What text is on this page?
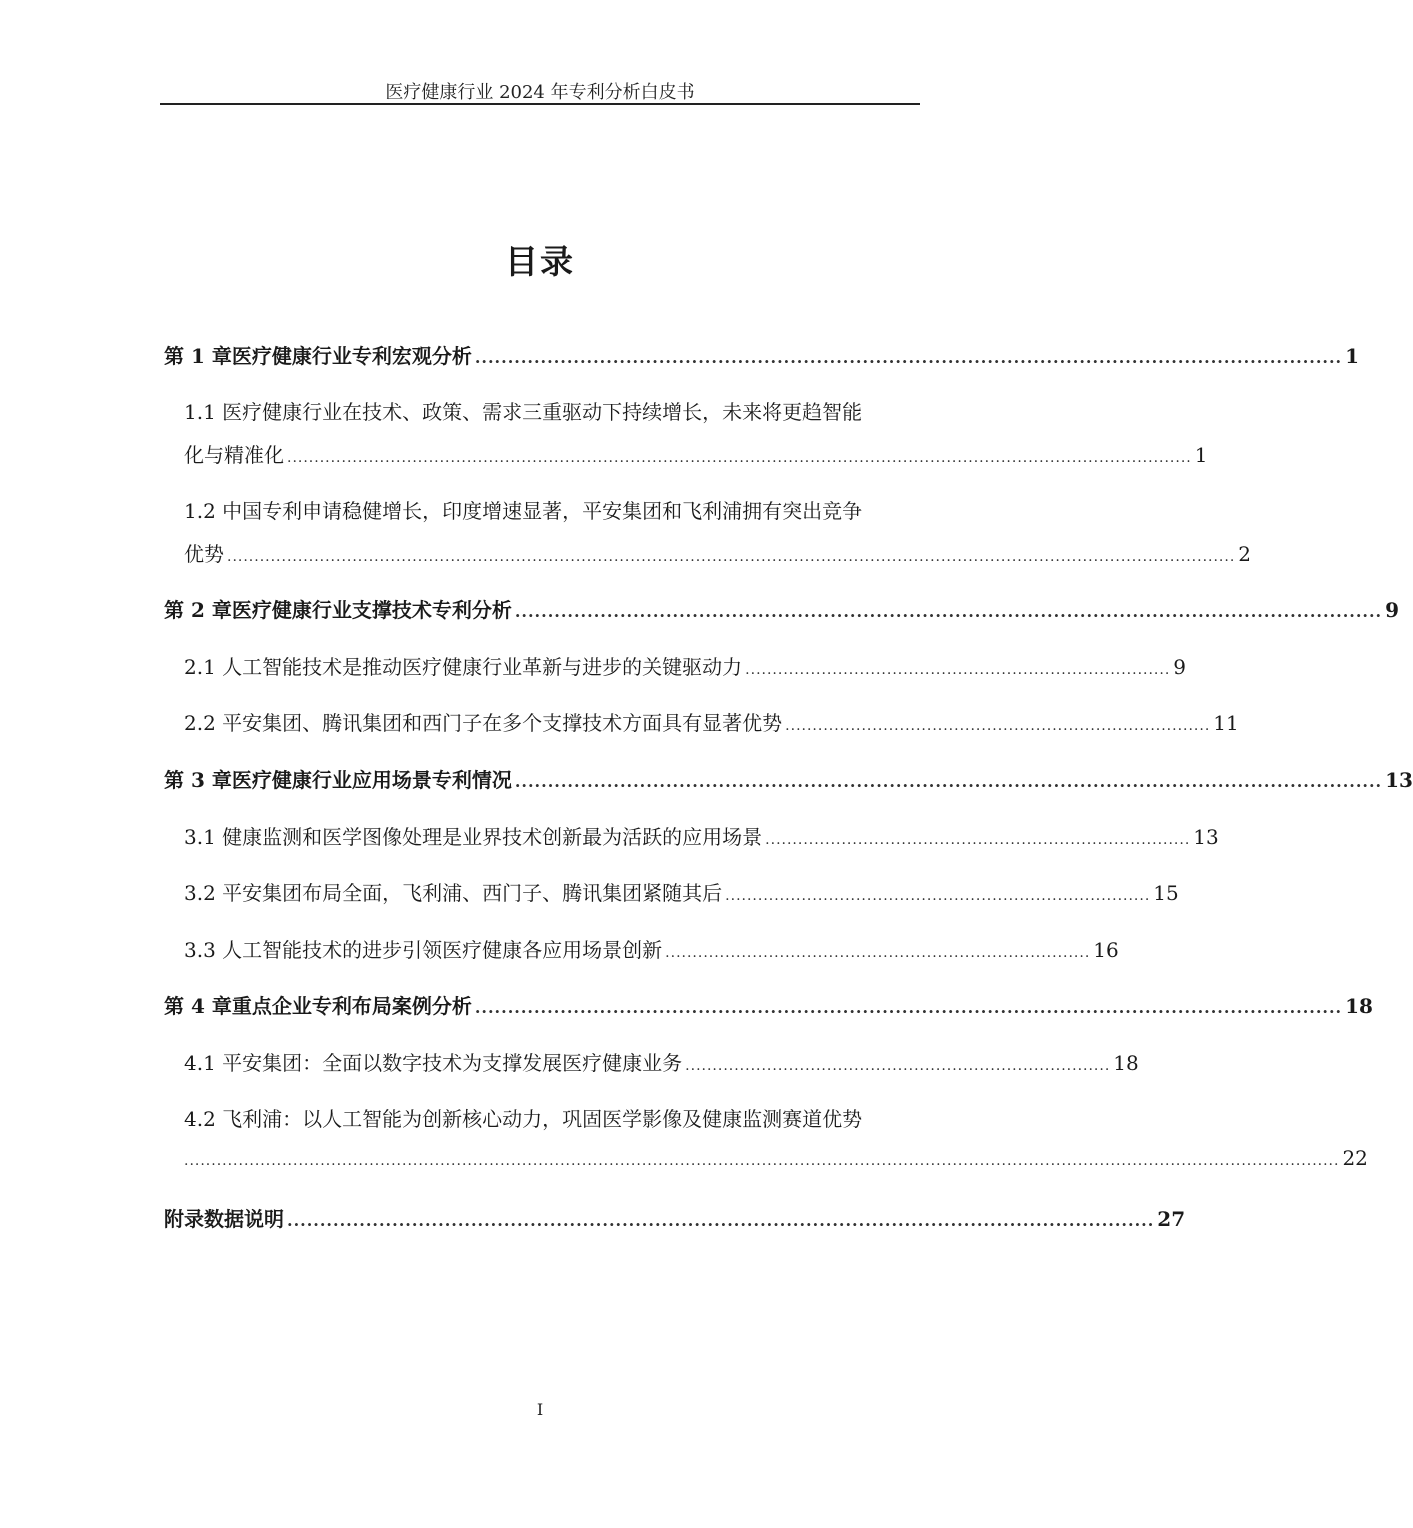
医疗健康行业 2024 年专利分析白皮书
目录
第 1 章医疗健康行业专利宏观分析 .................................................................................................................................... 1
1.1 医疗健康行业在技术、政策、需求三重驱动下持续增长，未来将更趋智能
化与精准化 ...................................................................................................................................................................... 1
1.2 中国专利申请稳健增长，印度增速显著，平安集团和飞利浦拥有突出竞争
优势 ......................................................................................................................................................................................... 2
第 2 章医疗健康行业支撑技术专利分析 .................................................................................................................................... 9
2.1 人工智能技术是推动医疗健康行业革新与进步的关键驱动力 .............................................................................. 9
2.2 平安集团、腾讯集团和西门子在多个支撑技术方面具有显著优势 .............................................................................. 11
第 3 章医疗健康行业应用场景专利情况 .................................................................................................................................... 13
3.1 健康监测和医学图像处理是业界技术创新最为活跃的应用场景 .............................................................................. 13
3.2 平安集团布局全面，飞利浦、西门子、腾讯集团紧随其后 .............................................................................. 15
3.3 人工智能技术的进步引领医疗健康各应用场景创新 .............................................................................. 16
第 4 章重点企业专利布局案例分析 .................................................................................................................................... 18
4.1 平安集团：全面以数字技术为支撑发展医疗健康业务 .............................................................................. 18
4.2 飞利浦：以人工智能为创新核心动力，巩固医学影像及健康监测赛道优势
.................................................................................................................................................................................................................... 22
附录数据说明 .................................................................................................................................... 27
I
